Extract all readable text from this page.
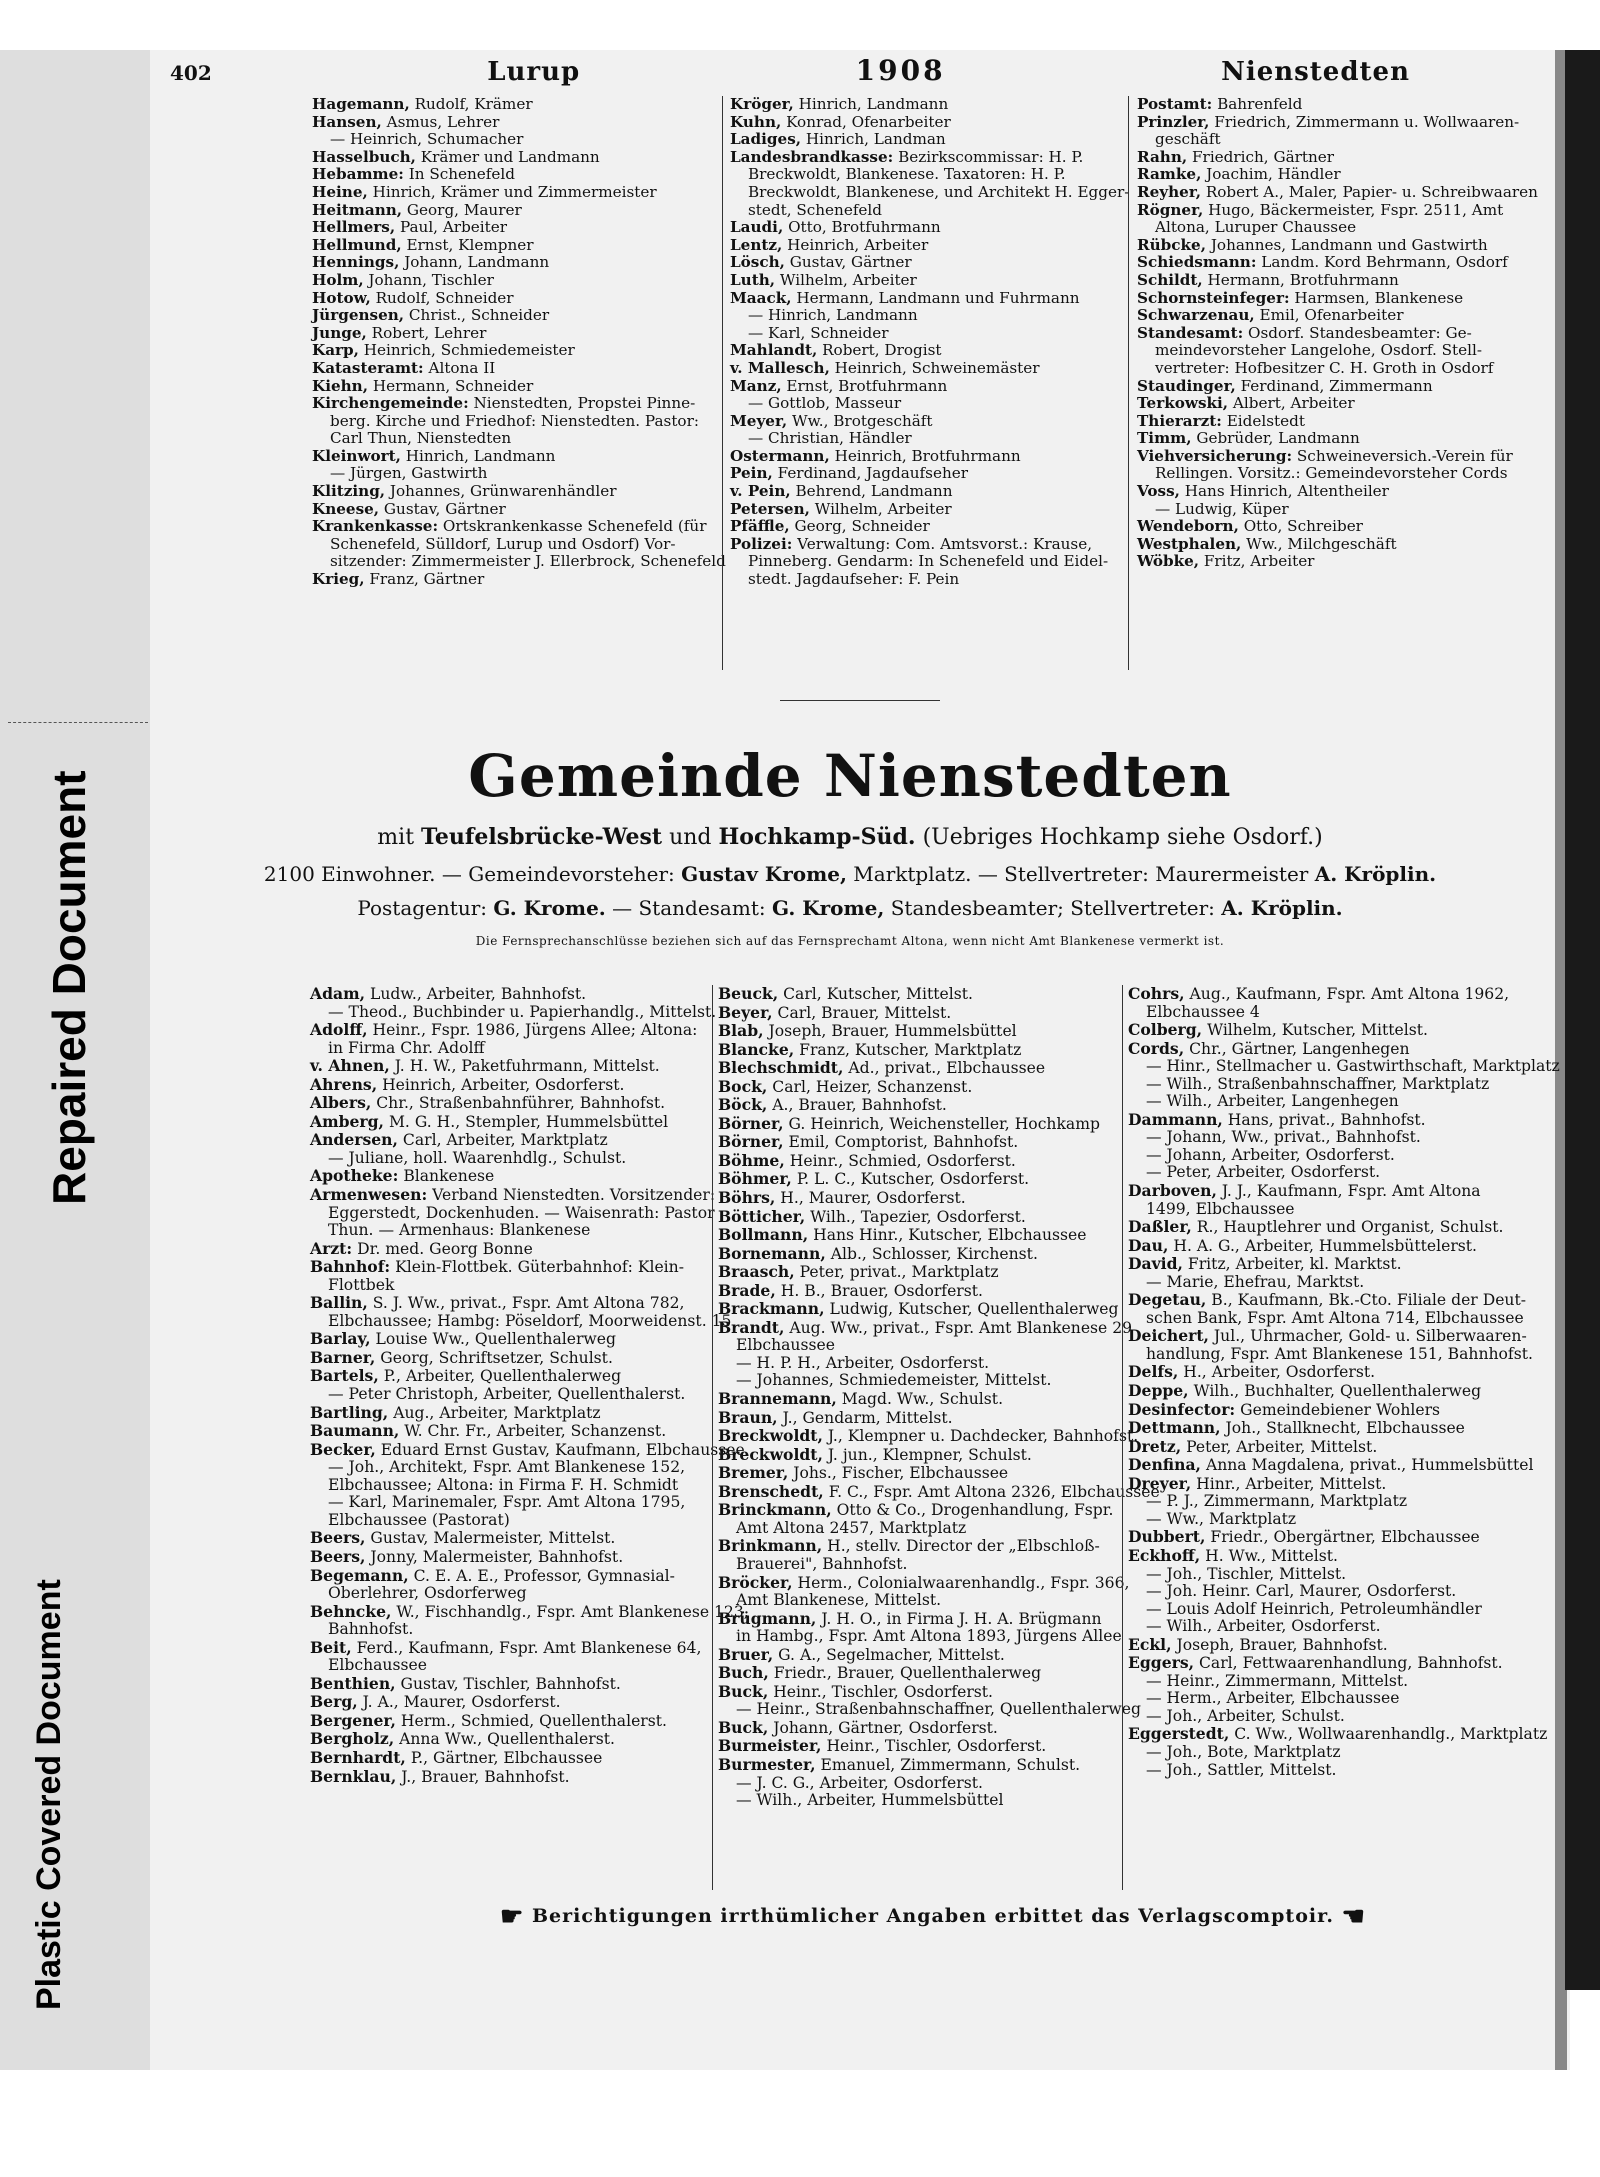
Repaired Document
Plastic Covered Document
402	Lurup	1908	Nienstedten
Hagemann, Rudolf, Krämer
Hansen, Asmus, Lehrer
— Heinrich, Schumacher
Hasselbuch, Krämer und Landmann
Hebamme: In Schenefeld
Heine, Hinrich, Krämer und Zimmermeister
Heitmann, Georg, Maurer
Hellmers, Paul, Arbeiter
Hellmund, Ernst, Klempner
Hennings, Johann, Landmann
Holm, Johann, Tischler
Hotow, Rudolf, Schneider
Jürgensen, Christ., Schneider
Junge, Robert, Lehrer
Karp, Heinrich, Schmiedemeister
Katasteramt: Altona II
Kiehn, Hermann, Schneider
Kirchengemeinde: Nienstedten, Propstei Pinne-
berg. Kirche und Friedhof: Nienstedten. Pastor:
Carl Thun, Nienstedten
Kleinwort, Hinrich, Landmann
— Jürgen, Gastwirth
Klitzing, Johannes, Grünwarenhändler
Kneese, Gustav, Gärtner
Krankenkasse: Ortskrankenkasse Schenefeld (für
Schenefeld, Sülldorf, Lurup und Osdorf) Vor-
sitzender: Zimmermeister J. Ellerbrock, Schenefeld
Krieg, Franz, Gärtner
Kröger, Hinrich, Landmann
Kuhn, Konrad, Ofenarbeiter
Ladiges, Hinrich, Landman
Landesbrandkasse: Bezirkscommissar: H. P.
Breckwoldt, Blankenese. Taxatoren: H. P.
Breckwoldt, Blankenese, und Architekt H. Egger-
stedt, Schenefeld
Laudi, Otto, Brotfuhrmann
Lentz, Heinrich, Arbeiter
Lösch, Gustav, Gärtner
Luth, Wilhelm, Arbeiter
Maack, Hermann, Landmann und Fuhrmann
— Hinrich, Landmann
— Karl, Schneider
Mahlandt, Robert, Drogist
v. Mallesch, Heinrich, Schweinemäster
Manz, Ernst, Brotfuhrmann
— Gottlob, Masseur
Meyer, Ww., Brotgeschäft
— Christian, Händler
Ostermann, Heinrich, Brotfuhrmann
Pein, Ferdinand, Jagdaufseher
v. Pein, Behrend, Landmann
Petersen, Wilhelm, Arbeiter
Pfäffle, Georg, Schneider
Polizei: Verwaltung: Com. Amtsvorst.: Krause,
Pinneberg. Gendarm: In Schenefeld und Eidel-
stedt. Jagdaufseher: F. Pein
Postamt: Bahrenfeld
Prinzler, Friedrich, Zimmermann u. Wollwaaren-
geschäft
Rahn, Friedrich, Gärtner
Ramke, Joachim, Händler
Reyher, Robert A., Maler, Papier- u. Schreibwaaren
Rögner, Hugo, Bäckermeister, Fspr. 2511, Amt
Altona, Luruper Chaussee
Rübcke, Johannes, Landmann und Gastwirth
Schiedsmann: Landm. Kord Behrmann, Osdorf
Schildt, Hermann, Brotfuhrmann
Schornsteinfeger: Harmsen, Blankenese
Schwarzenau, Emil, Ofenarbeiter
Standesamt: Osdorf. Standesbeamter: Ge-
meindevorsteher Langelohe, Osdorf. Stell-
vertreter: Hofbesitzer C. H. Groth in Osdorf
Staudinger, Ferdinand, Zimmermann
Terkowski, Albert, Arbeiter
Thierarzt: Eidelstedt
Timm, Gebrüder, Landmann
Viehversicherung: Schweineversich.-Verein für
Rellingen. Vorsitz.: Gemeindevorsteher Cords
Voss, Hans Hinrich, Altentheiler
— Ludwig, Küper
Wendeborn, Otto, Schreiber
Westphalen, Ww., Milchgeschäft
Wöbke, Fritz, Arbeiter
Gemeinde Nienstedten
mit Teufelsbrücke-West und Hochkamp-Süd. (Uebriges Hochkamp siehe Osdorf.)
2100 Einwohner. — Gemeindevorsteher: Gustav Krome, Marktplatz. — Stellvertreter: Maurermeister A. Kröplin.
Postagentur: G. Krome. — Standesamt: G. Krome, Standesbeamter; Stellvertreter: A. Kröplin.
Die Fernsprechanschlüsse beziehen sich auf das Fernsprechamt Altona, wenn nicht Amt Blankenese vermerkt ist.
Adam, Ludw., Arbeiter, Bahnhofst.
— Theod., Buchbinder u. Papierhandlg., Mittelst.
Adolff, Heinr., Fspr. 1986, Jürgens Allee; Altona:
in Firma Chr. Adolff
v. Ahnen, J. H. W., Paketfuhrmann, Mittelst.
Ahrens, Heinrich, Arbeiter, Osdorferst.
Albers, Chr., Straßenbahnführer, Bahnhofst.
Amberg, M. G. H., Stempler, Hummelsbüttel
Andersen, Carl, Arbeiter, Marktplatz
— Juliane, holl. Waarenhdlg., Schulst.
Apotheke: Blankenese
Armenwesen: Verband Nienstedten. Vorsitzender:
Eggerstedt, Dockenhuden. — Waisenrath: Pastor
Thun. — Armenhaus: Blankenese
Arzt: Dr. med. Georg Bonne
Bahnhof: Klein-Flottbek. Güterbahnhof: Klein-
Flottbek
Ballin, S. J. Ww., privat., Fspr. Amt Altona 782,
Elbchaussee; Hambg: Pöseldorf, Moorweidenst. 15
Barlay, Louise Ww., Quellenthalerweg
Barner, Georg, Schriftsetzer, Schulst.
Bartels, P., Arbeiter, Quellenthalerweg
— Peter Christoph, Arbeiter, Quellenthalerst.
Bartling, Aug., Arbeiter, Marktplatz
Baumann, W. Chr. Fr., Arbeiter, Schanzenst.
Becker, Eduard Ernst Gustav, Kaufmann, Elbchaussee
— Joh., Architekt, Fspr. Amt Blankenese 152,
Elbchaussee; Altona: in Firma F. H. Schmidt
— Karl, Marinemaler, Fspr. Amt Altona 1795,
Elbchaussee (Pastorat)
Beers, Gustav, Malermeister, Mittelst.
Beers, Jonny, Malermeister, Bahnhofst.
Begemann, C. E. A. E., Professor, Gymnasial-
Oberlehrer, Osdorferweg
Behncke, W., Fischhandlg., Fspr. Amt Blankenese 123,
Bahnhofst.
Beit, Ferd., Kaufmann, Fspr. Amt Blankenese 64,
Elbchaussee
Benthien, Gustav, Tischler, Bahnhofst.
Berg, J. A., Maurer, Osdorferst.
Bergener, Herm., Schmied, Quellenthalerst.
Bergholz, Anna Ww., Quellenthalerst.
Bernhardt, P., Gärtner, Elbchaussee
Bernklau, J., Brauer, Bahnhofst.
Beuck, Carl, Kutscher, Mittelst.
Beyer, Carl, Brauer, Mittelst.
Blab, Joseph, Brauer, Hummelsbüttel
Blancke, Franz, Kutscher, Marktplatz
Blechschmidt, Ad., privat., Elbchaussee
Bock, Carl, Heizer, Schanzenst.
Böck, A., Brauer, Bahnhofst.
Börner, G. Heinrich, Weichensteller, Hochkamp
Börner, Emil, Comptorist, Bahnhofst.
Böhme, Heinr., Schmied, Osdorferst.
Böhmer, P. L. C., Kutscher, Osdorferst.
Böhrs, H., Maurer, Osdorferst.
Bötticher, Wilh., Tapezier, Osdorferst.
Bollmann, Hans Hinr., Kutscher, Elbchaussee
Bornemann, Alb., Schlosser, Kirchenst.
Braasch, Peter, privat., Marktplatz
Brade, H. B., Brauer, Osdorferst.
Brackmann, Ludwig, Kutscher, Quellenthalerweg
Brandt, Aug. Ww., privat., Fspr. Amt Blankenese 29
Elbchaussee
— H. P. H., Arbeiter, Osdorferst.
— Johannes, Schmiedemeister, Mittelst.
Brannemann, Magd. Ww., Schulst.
Braun, J., Gendarm, Mittelst.
Breckwoldt, J., Klempner u. Dachdecker, Bahnhofst.
Breckwoldt, J. jun., Klempner, Schulst.
Bremer, Johs., Fischer, Elbchaussee
Brenschedt, F. C., Fspr. Amt Altona 2326, Elbchaussee
Brinckmann, Otto & Co., Drogenhandlung, Fspr.
Amt Altona 2457, Marktplatz
Brinkmann, H., stellv. Director der „Elbschloß-
Brauerei", Bahnhofst.
Bröcker, Herm., Colonialwaarenhandlg., Fspr. 366,
Amt Blankenese, Mittelst.
Brügmann, J. H. O., in Firma J. H. A. Brügmann
in Hambg., Fspr. Amt Altona 1893, Jürgens Allee
Bruer, G. A., Segelmacher, Mittelst.
Buch, Friedr., Brauer, Quellenthalerweg
Buck, Heinr., Tischler, Osdorferst.
— Heinr., Straßenbahnschaffner, Quellenthalerweg
Buck, Johann, Gärtner, Osdorferst.
Burmeister, Heinr., Tischler, Osdorferst.
Burmester, Emanuel, Zimmermann, Schulst.
— J. C. G., Arbeiter, Osdorferst.
— Wilh., Arbeiter, Hummelsbüttel
Cohrs, Aug., Kaufmann, Fspr. Amt Altona 1962,
Elbchaussee 4
Colberg, Wilhelm, Kutscher, Mittelst.
Cords, Chr., Gärtner, Langenhegen
— Hinr., Stellmacher u. Gastwirthschaft, Marktplatz
— Wilh., Straßenbahnschaffner, Marktplatz
— Wilh., Arbeiter, Langenhegen
Dammann, Hans, privat., Bahnhofst.
— Johann, Ww., privat., Bahnhofst.
— Johann, Arbeiter, Osdorferst.
— Peter, Arbeiter, Osdorferst.
Darboven, J. J., Kaufmann, Fspr. Amt Altona
1499, Elbchaussee
Daßler, R., Hauptlehrer und Organist, Schulst.
Dau, H. A. G., Arbeiter, Hummelsbüttelerst.
David, Fritz, Arbeiter, kl. Marktst.
— Marie, Ehefrau, Marktst.
Degetau, B., Kaufmann, Bk.-Cto. Filiale der Deut-
schen Bank, Fspr. Amt Altona 714, Elbchaussee
Deichert, Jul., Uhrmacher, Gold- u. Silberwaaren-
handlung, Fspr. Amt Blankenese 151, Bahnhofst.
Delfs, H., Arbeiter, Osdorferst.
Deppe, Wilh., Buchhalter, Quellenthalerweg
Desinfector: Gemeindebiener Wohlers
Dettmann, Joh., Stallknecht, Elbchaussee
Dretz, Peter, Arbeiter, Mittelst.
Denfina, Anna Magdalena, privat., Hummelsbüttel
Dreyer, Hinr., Arbeiter, Mittelst.
— P. J., Zimmermann, Marktplatz
— Ww., Marktplatz
Dubbert, Friedr., Obergärtner, Elbchaussee
Eckhoff, H. Ww., Mittelst.
— Joh., Tischler, Mittelst.
— Joh. Heinr. Carl, Maurer, Osdorferst.
— Louis Adolf Heinrich, Petroleumhändler
— Wilh., Arbeiter, Osdorferst.
Eckl, Joseph, Brauer, Bahnhofst.
Eggers, Carl, Fettwaarenhandlung, Bahnhofst.
— Heinr., Zimmermann, Mittelst.
— Herm., Arbeiter, Elbchaussee
— Joh., Arbeiter, Schulst.
Eggerstedt, C. Ww., Wollwaarenhandlg., Marktplatz
— Joh., Bote, Marktplatz
— Joh., Sattler, Mittelst.
☛ Berichtigungen irrthümlicher Angaben erbittet das Verlagscomptoir. ☚
